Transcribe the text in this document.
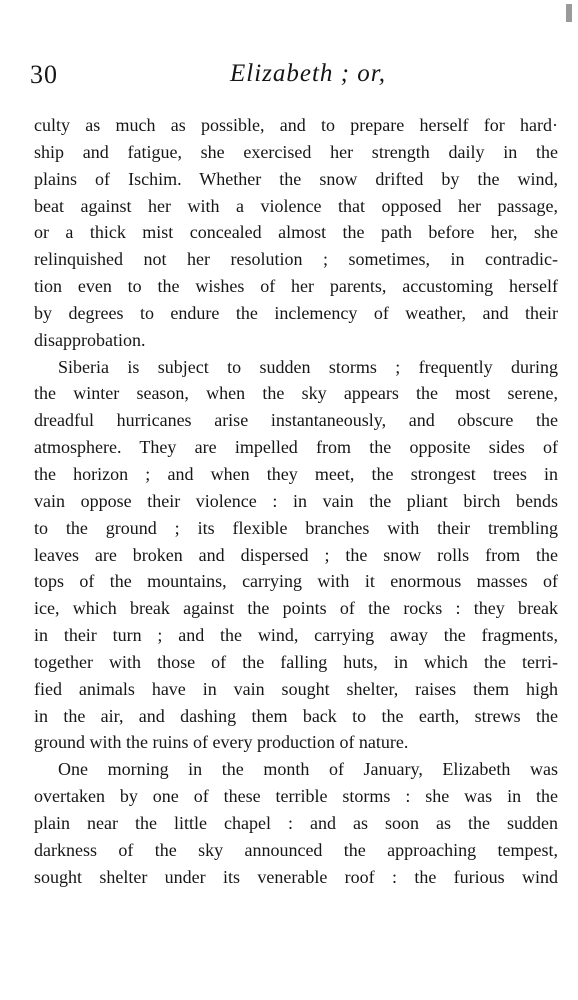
30	Elizabeth ; or,
culty as much as possible, and to prepare herself for hard·
ship and fatigue, she exercised her strength daily in the
plains of Ischim. Whether the snow drifted by the wind,
beat against her with a violence that opposed her passage,
or a thick mist concealed almost the path before her, she
relinquished not her resolution ; sometimes, in contradic-
tion even to the wishes of her parents, accustoming herself
by degrees to endure the inclemency of weather, and their
disapprobation.
Siberia is subject to sudden storms ; frequently during
the winter season, when the sky appears the most serene,
dreadful hurricanes arise instantaneously, and obscure the
atmosphere. They are impelled from the opposite sides of
the horizon ; and when they meet, the strongest trees in
vain oppose their violence : in vain the pliant birch bends
to the ground ; its flexible branches with their trembling
leaves are broken and dispersed ; the snow rolls from the
tops of the mountains, carrying with it enormous masses of
ice, which break against the points of the rocks : they break
in their turn ; and the wind, carrying away the fragments,
together with those of the falling huts, in which the terri-
fied animals have in vain sought shelter, raises them high
in the air, and dashing them back to the earth, strews the
ground with the ruins of every production of nature.
One morning in the month of January, Elizabeth was
overtaken by one of these terrible storms : she was in the
plain near the little chapel : and as soon as the sudden
darkness of the sky announced the approaching tempest,
sought shelter under its venerable roof : the furious wind
